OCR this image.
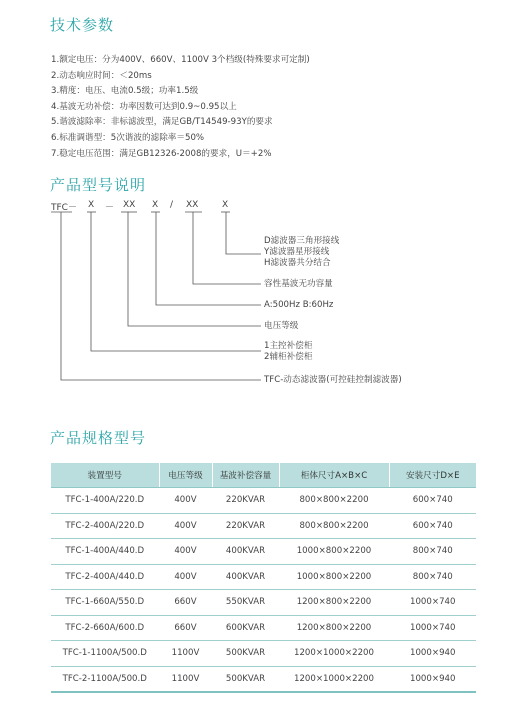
技术参数
1.额定电压：分为400V、660V、1100V 3个档级(特殊要求可定制)
2.动态响应时间：＜20ms
3.精度：电压、电流0.5级；功率1.5级
4.基波无功补偿：功率因数可达到0.9~0.95以上
5.谐波滤除率：非标滤波型，满足GB/T14549-93Y的要求
6.标准调谐型：5次谐波的滤除率＝50%
7.稳定电压范围：满足GB12326-2008的要求，U＝+2%
产品型号说明
TFC－ X － XX X / XX	X
D滤波器三角形接线
Y滤波器星形接线
H滤波器共分结合
容性基波无功容量
A:500Hz B:60Hz
电压等级
1主控补偿柜
2辅柜补偿柜
TFC-动态滤波器(可控硅控制滤波器)
产品规格型号
装置型号	电压等级	基波补偿容量	柜体尺寸A×B×C	安装尺寸D×E
TFC-1-400A/220.D	400V	220KVAR	800×800×2200	600×740
TFC-2-400A/220.D	400V	220KVAR	800×800×2200	600×740
TFC-1-400A/440.D	400V	400KVAR	1000×800×2200	800×740
TFC-2-400A/440.D	400V	400KVAR	1000×800×2200	800×740
TFC-1-660A/550.D	660V	550KVAR	1200×800×2200	1000×740
TFC-2-660A/600.D	660V	600KVAR	1200×800×2200	1000×740
TFC-1-1100A/500.D	1100V	500KVAR	1200×1000×2200	1000×940
TFC-2-1100A/500.D	1100V	500KVAR	1200×1000×2200	1000×940
